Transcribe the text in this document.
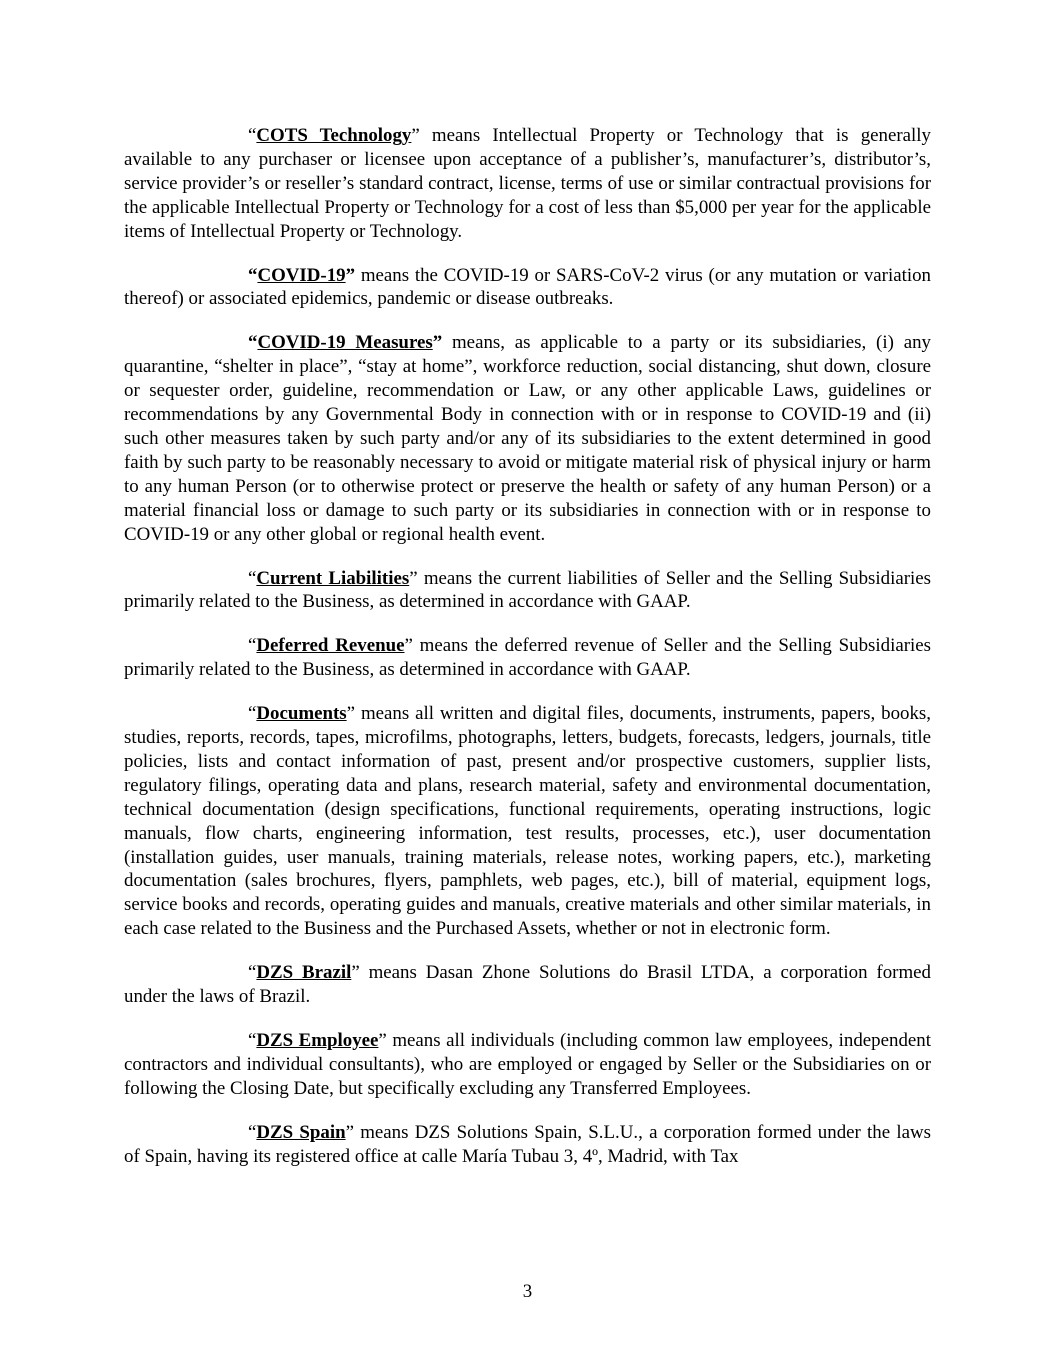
“COTS Technology” means Intellectual Property or Technology that is generally available to any purchaser or licensee upon acceptance of a publisher’s, manufacturer’s, distributor’s, service provider’s or reseller’s standard contract, license, terms of use or similar contractual provisions for the applicable Intellectual Property or Technology for a cost of less than $5,000 per year for the applicable items of Intellectual Property or Technology.

“COVID-19” means the COVID-19 or SARS-CoV-2 virus (or any mutation or variation thereof) or associated epidemics, pandemic or disease outbreaks.

“COVID-19 Measures” means, as applicable to a party or its subsidiaries, (i) any quarantine, “shelter in place”, “stay at home”, workforce reduction, social distancing, shut down, closure or sequester order, guideline, recommendation or Law, or any other applicable Laws, guidelines or recommendations by any Governmental Body in connection with or in response to COVID-19 and (ii) such other measures taken by such party and/or any of its subsidiaries to the extent determined in good faith by such party to be reasonably necessary to avoid or mitigate material risk of physical injury or harm to any human Person (or to otherwise protect or preserve the health or safety of any human Person) or a material financial loss or damage to such party or its subsidiaries in connection with or in response to COVID-19 or any other global or regional health event.

“Current Liabilities” means the current liabilities of Seller and the Selling Subsidiaries primarily related to the Business, as determined in accordance with GAAP.

“Deferred Revenue” means the deferred revenue of Seller and the Selling Subsidiaries primarily related to the Business, as determined in accordance with GAAP.

“Documents” means all written and digital files, documents, instruments, papers, books, studies, reports, records, tapes, microfilms, photographs, letters, budgets, forecasts, ledgers, journals, title policies, lists and contact information of past, present and/or prospective customers, supplier lists, regulatory filings, operating data and plans, research material, safety and environmental documentation, technical documentation (design specifications, functional requirements, operating instructions, logic manuals, flow charts, engineering information, test results, processes, etc.), user documentation (installation guides, user manuals, training materials, release notes, working papers, etc.), marketing documentation (sales brochures, flyers, pamphlets, web pages, etc.), bill of material, equipment logs, service books and records, operating guides and manuals, creative materials and other similar materials, in each case related to the Business and the Purchased Assets, whether or not in electronic form.

“DZS Brazil” means Dasan Zhone Solutions do Brasil LTDA, a corporation formed under the laws of Brazil.

“DZS Employee” means all individuals (including common law employees, independent contractors and individual consultants), who are employed or engaged by Seller or the Subsidiaries on or following the Closing Date, but specifically excluding any Transferred Employees.

“DZS Spain” means DZS Solutions Spain, S.L.U., a corporation formed under the laws of Spain, having its registered office at calle María Tubau 3, 4º, Madrid, with Tax

3
